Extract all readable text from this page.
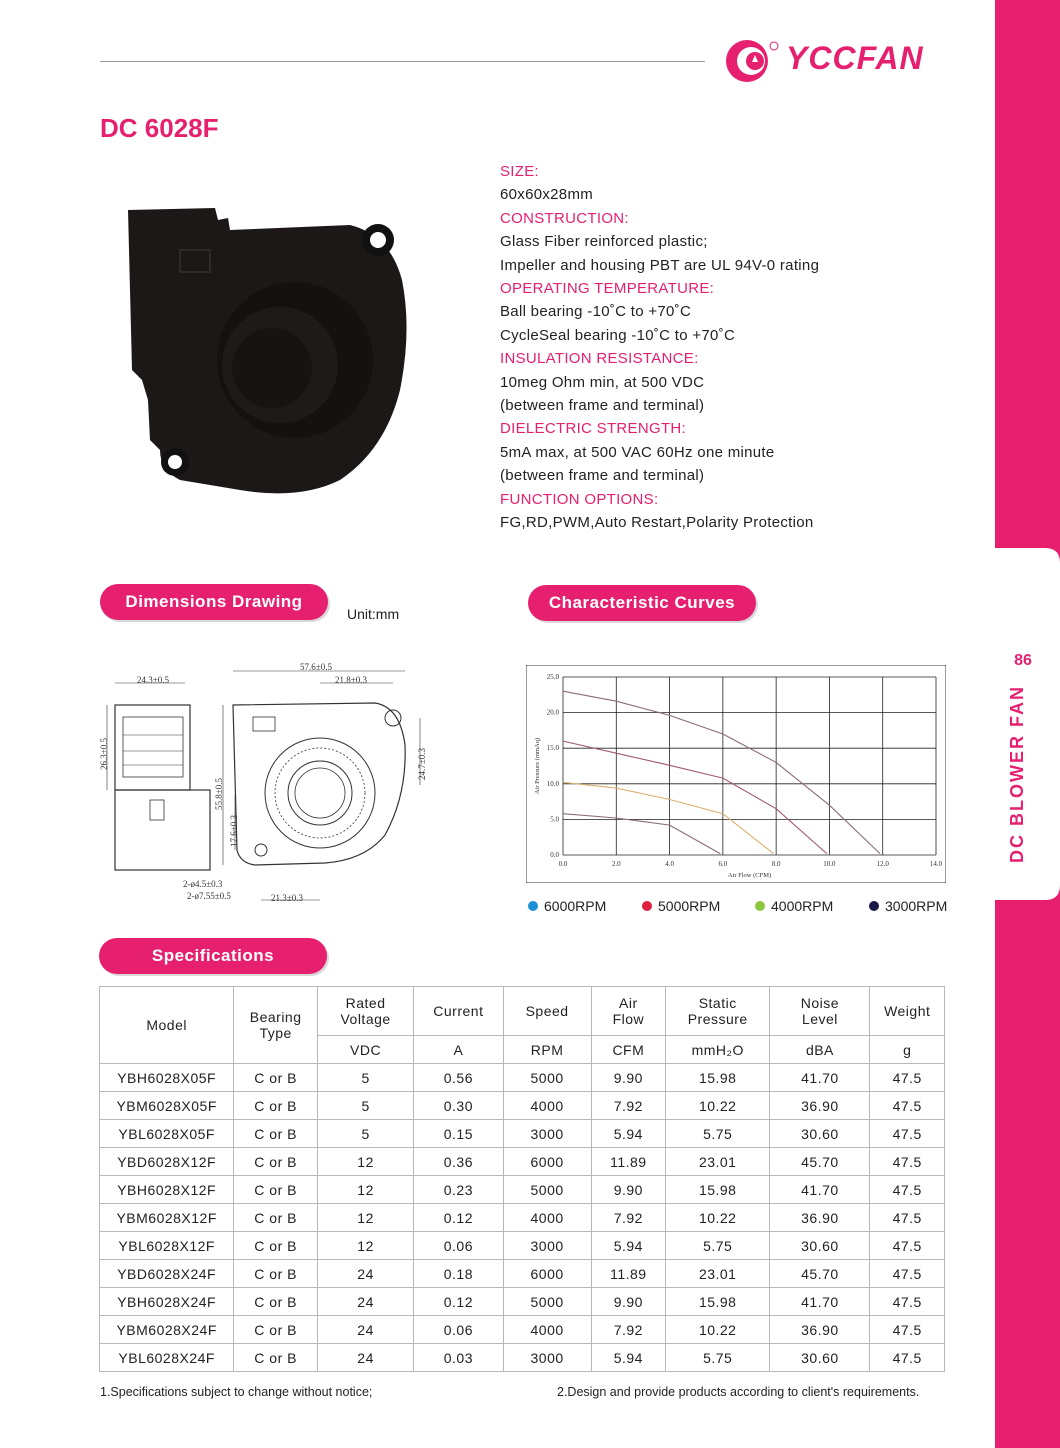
86
DC BLOWER FAN
YCCFAN
DC 6028F
SIZE:
60x60x28mm
CONSTRUCTION:
Glass Fiber reinforced plastic;
Impeller and housing PBT are UL 94V-0 rating
OPERATING TEMPERATURE:
Ball bearing -10˚C to +70˚C
CycleSeal bearing -10˚C to +70˚C
INSULATION RESISTANCE:
10meg Ohm min, at 500 VDC
(between frame and terminal)
DIELECTRIC STRENGTH:
5mA max, at 500 VAC 60Hz one minute
(between frame and terminal)
FUNCTION OPTIONS:
FG,RD,PWM,Auto Restart,Polarity Protection
Dimensions Drawing
Unit:mm
Characteristic Curves
Specifications
24.3±0.5
26.3±0.5
57.6±0.5
21.8±0.3
24.7±0.3
55.8±0.5
17.6±0.3
2-ø4.5±0.3
2-ø7.55±0.5	21.3±0.3
0.0	2.0	4.0	6.0	8.0	10.0	12.0	14.0
0.0
5.0
10.0
15.0
20.0
25.0
Air Flow (CFM)
Air Pressure (mmAq)
6000RPM	5000RPM	4000RPM	3000RPM
Model	Bearing Type	Rated Voltage	Current	Speed	Air Flow	Static Pressure	Noise Level	Weight
		VDC	A	RPM	CFM	mmH₂O	dBA	g
YBH6028X05F	C or B	5	0.56	5000	9.90	15.98	41.70	47.5
YBM6028X05F	C or B	5	0.30	4000	7.92	10.22	36.90	47.5
YBL6028X05F	C or B	5	0.15	3000	5.94	5.75	30.60	47.5
YBD6028X12F	C or B	12	0.36	6000	11.89	23.01	45.70	47.5
YBH6028X12F	C or B	12	0.23	5000	9.90	15.98	41.70	47.5
YBM6028X12F	C or B	12	0.12	4000	7.92	10.22	36.90	47.5
YBL6028X12F	C or B	12	0.06	3000	5.94	5.75	30.60	47.5
YBD6028X24F	C or B	24	0.18	6000	11.89	23.01	45.70	47.5
YBH6028X24F	C or B	24	0.12	5000	9.90	15.98	41.70	47.5
YBM6028X24F	C or B	24	0.06	4000	7.92	10.22	36.90	47.5
YBL6028X24F	C or B	24	0.03	3000	5.94	5.75	30.60	47.5
1.Specifications subject to change without notice;	2.Design and provide products according to client's requirements.
